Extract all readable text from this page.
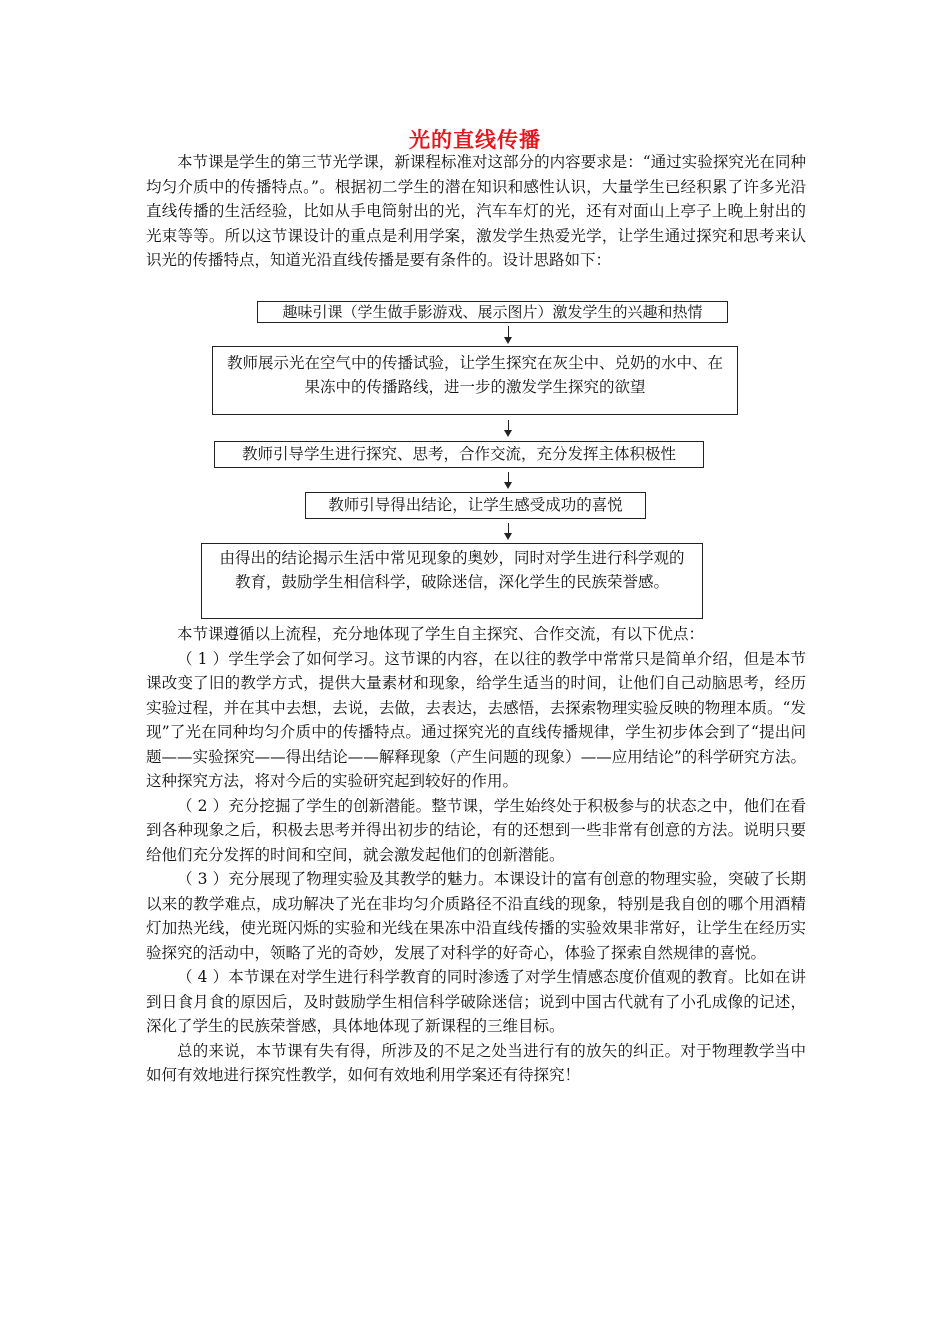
光的直线传播

本节课是学生的第三节光学课，新课程标准对这部分的内容要求是：“通过实验探究光在同种均匀介质中的传播特点。”。根据初二学生的潜在知识和感性认识，大量学生已经积累了许多光沿直线传播的生活经验，比如从手电筒射出的光，汽车车灯的光，还有对面山上亭子上晚上射出的光束等等。所以这节课设计的重点是利用学案，激发学生热爱光学，让学生通过探究和思考来认识光的传播特点，知道光沿直线传播是要有条件的。设计思路如下：

趣味引课（学生做手影游戏、展示图片）激发学生的兴趣和热情
教师展示光在空气中的传播试验，让学生探究在灰尘中、兑奶的水中、在果冻中的传播路线，进一步的激发学生探究的欲望
教师引导学生进行探究、思考，合作交流，充分发挥主体积极性
教师引导得出结论，让学生感受成功的喜悦
由得出的结论揭示生活中常见现象的奥妙，同时对学生进行科学观的教育，鼓励学生相信科学，破除迷信，深化学生的民族荣誉感。

本节课遵循以上流程，充分地体现了学生自主探究、合作交流，有以下优点：

（ 1 ）学生学会了如何学习。这节课的内容，在以往的教学中常常只是简单介绍，但是本节课改变了旧的教学方式，提供大量素材和现象，给学生适当的时间，让他们自己动脑思考，经历实验过程，并在其中去想，去说，去做，去表达，去感悟，去探索物理实验反映的物理本质。“发现”了光在同种均匀介质中的传播特点。通过探究光的直线传播规律，学生初步体会到了“提出问题——实验探究——得出结论——解释现象（产生问题的现象）——应用结论”的科学研究方法。这种探究方法，将对今后的实验研究起到较好的作用。

（ 2 ）充分挖掘了学生的创新潜能。整节课，学生始终处于积极参与的状态之中，他们在看到各种现象之后，积极去思考并得出初步的结论，有的还想到一些非常有创意的方法。说明只要给他们充分发挥的时间和空间，就会激发起他们的创新潜能。

（ 3 ）充分展现了物理实验及其教学的魅力。本课设计的富有创意的物理实验，突破了长期以来的教学难点，成功解决了光在非均匀介质路径不沿直线的现象，特别是我自创的哪个用酒精灯加热光线，使光斑闪烁的实验和光线在果冻中沿直线传播的实验效果非常好，让学生在经历实验探究的活动中，领略了光的奇妙，发展了对科学的好奇心，体验了探索自然规律的喜悦。

（ 4 ）本节课在对学生进行科学教育的同时渗透了对学生情感态度价值观的教育。比如在讲到日食月食的原因后，及时鼓励学生相信科学破除迷信；说到中国古代就有了小孔成像的记述，深化了学生的民族荣誉感，具体地体现了新课程的三维目标。

总的来说，本节课有失有得，所涉及的不足之处当进行有的放矢的纠正。对于物理教学当中如何有效地进行探究性教学，如何有效地利用学案还有待探究！
